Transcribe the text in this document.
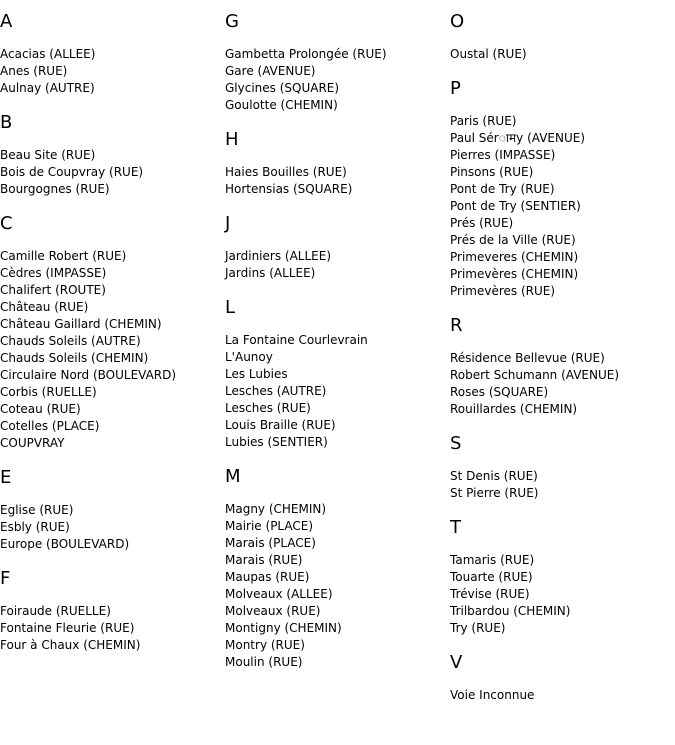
A
Acacias (ALLEE)
Anes (RUE)
Aulnay (AUTRE)
B
Beau Site (RUE)
Bois de Coupvray (RUE)
Bourgognes (RUE)
C
Camille Robert (RUE)
Cèdres (IMPASSE)
Chalifert (ROUTE)
Château (RUE)
Château Gaillard (CHEMIN)
Chauds Soleils (AUTRE)
Chauds Soleils (CHEMIN)
Circulaire Nord (BOULEVARD)
Corbis (RUELLE)
Coteau (RUE)
Cotelles (PLACE)
COUPVRAY
E
Eglise (RUE)
Esbly (RUE)
Europe (BOULEVARD)
F
Foiraude (RUELLE)
Fontaine Fleurie (RUE)
Four à Chaux (CHEMIN)
G
Gambetta Prolongée (RUE)
Gare (AVENUE)
Glycines (SQUARE)
Goulotte (CHEMIN)
H
Haies Bouilles (RUE)
Hortensias (SQUARE)
J
Jardiniers (ALLEE)
Jardins (ALLEE)
L
La Fontaine Courlevrain
L'Aunoy
Les Lubies
Lesches (AUTRE)
Lesches (RUE)
Louis Braille (RUE)
Lubies (SENTIER)
M
Magny (CHEMIN)
Mairie (PLACE)
Marais (PLACE)
Marais (RUE)
Maupas (RUE)
Molveaux (ALLEE)
Molveaux (RUE)
Montigny (CHEMIN)
Montry (RUE)
Moulin (RUE)
O
Oustal (RUE)
P
Paris (RUE)
Paul Sérामy (AVENUE)
Pierres (IMPASSE)
Pinsons (RUE)
Pont de Try (RUE)
Pont de Try (SENTIER)
Prés (RUE)
Prés de la Ville (RUE)
Primeveres (CHEMIN)
Primevères (CHEMIN)
Primevères (RUE)
R
Résidence Bellevue (RUE)
Robert Schumann (AVENUE)
Roses (SQUARE)
Rouillardes (CHEMIN)
S
St Denis (RUE)
St Pierre (RUE)
T
Tamaris (RUE)
Touarte (RUE)
Trévise (RUE)
Trilbardou (CHEMIN)
Try (RUE)
V
Voie Inconnue
